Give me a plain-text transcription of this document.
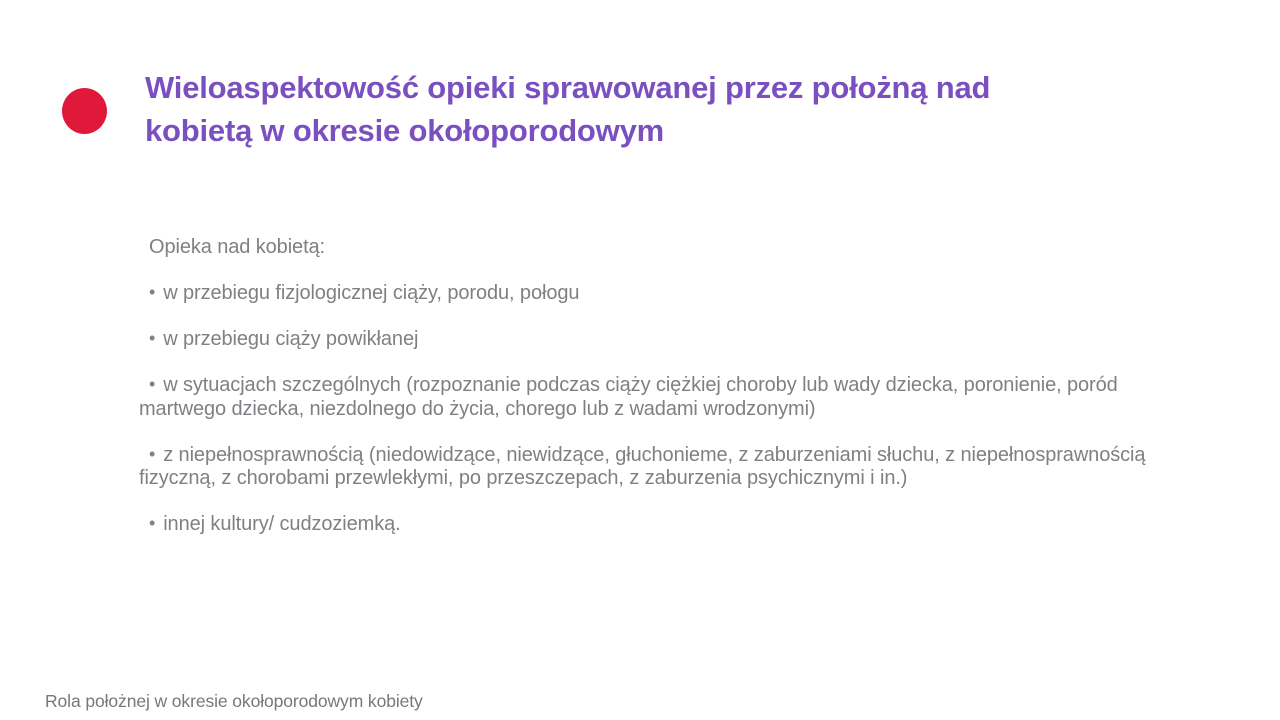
Wieloaspektowość opieki sprawowanej przez położną nad
kobietą w okresie okołoporodowym

Opieka nad kobietą:

• w przebiegu fizjologicznej ciąży, porodu, połogu

• w przebiegu ciąży powikłanej

• w sytuacjach szczególnych (rozpoznanie podczas ciąży ciężkiej choroby lub wady dziecka, poronienie, poród martwego dziecka, niezdolnego do życia, chorego lub z wadami wrodzonymi)

• z niepełnosprawnością (niedowidzące, niewidzące, głuchonieme, z zaburzeniami słuchu, z niepełnosprawnością fizyczną, z chorobami przewlekłymi, po przeszczepach, z zaburzenia psychicznymi i in.)

• innej kultury/ cudzoziemką.

Rola położnej w okresie okołoporodowym kobiety
